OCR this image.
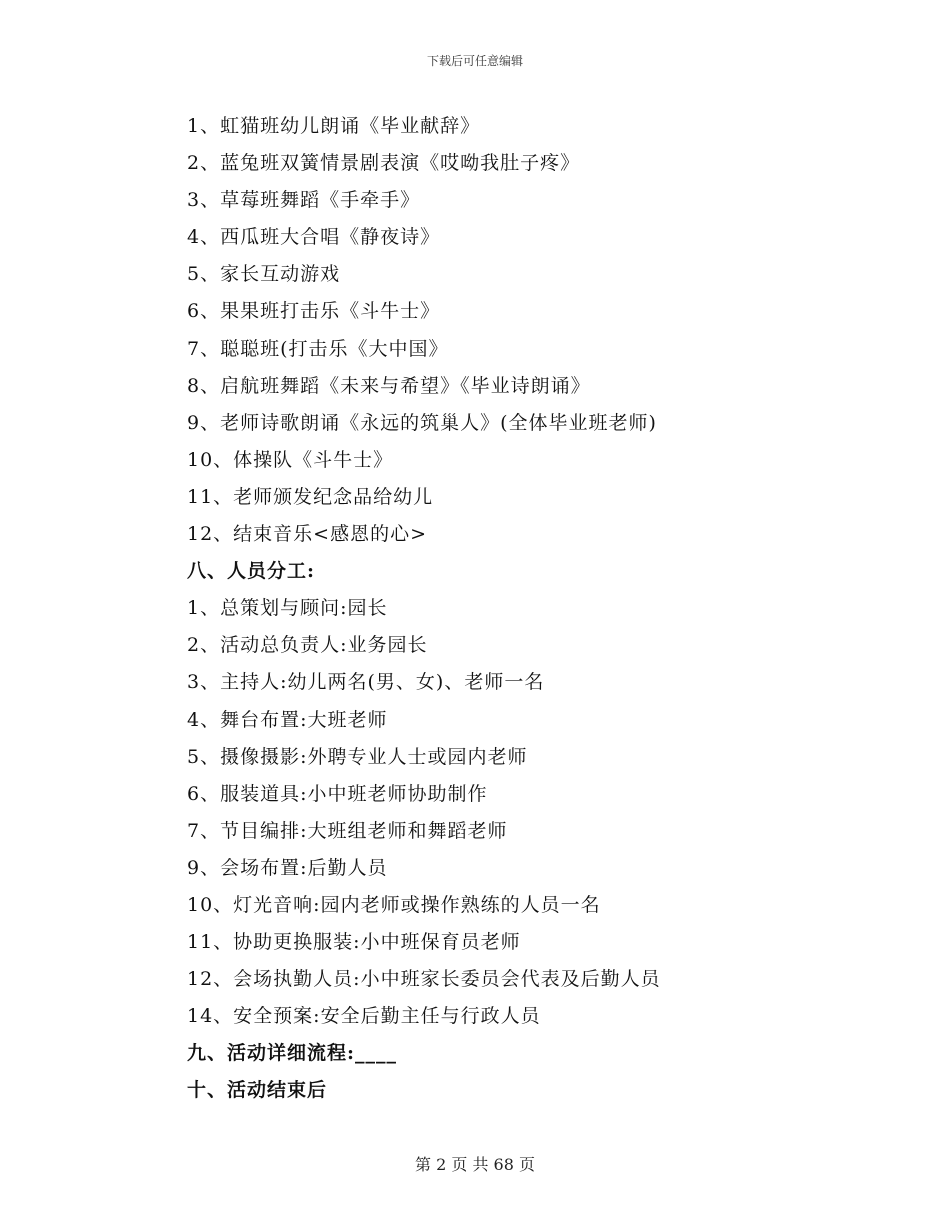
下载后可任意编辑
1、虹猫班幼儿朗诵《毕业献辞》
2、蓝兔班双簧情景剧表演《哎呦我肚子疼》
3、草莓班舞蹈《手牵手》
4、西瓜班大合唱《静夜诗》
5、家长互动游戏
6、果果班打击乐《斗牛士》
7、聪聪班(打击乐《大中国》
8、启航班舞蹈《未来与希望》《毕业诗朗诵》
9、老师诗歌朗诵《永远的筑巢人》(全体毕业班老师)
10、体操队《斗牛士》
11、老师颁发纪念品给幼儿
12、结束音乐<感恩的心>
八、人员分工:
1、总策划与顾问:园长
2、活动总负责人:业务园长
3、主持人:幼儿两名(男、女)、老师一名
4、舞台布置:大班老师
5、摄像摄影:外聘专业人士或园内老师
6、服装道具:小中班老师协助制作
7、节目编排:大班组老师和舞蹈老师
9、会场布置:后勤人员
10、灯光音响:园内老师或操作熟练的人员一名
11、协助更换服装:小中班保育员老师
12、会场执勤人员:小中班家长委员会代表及后勤人员
14、安全预案:安全后勤主任与行政人员
九、活动详细流程:____
十、活动结束后
第 2 页 共 68 页
